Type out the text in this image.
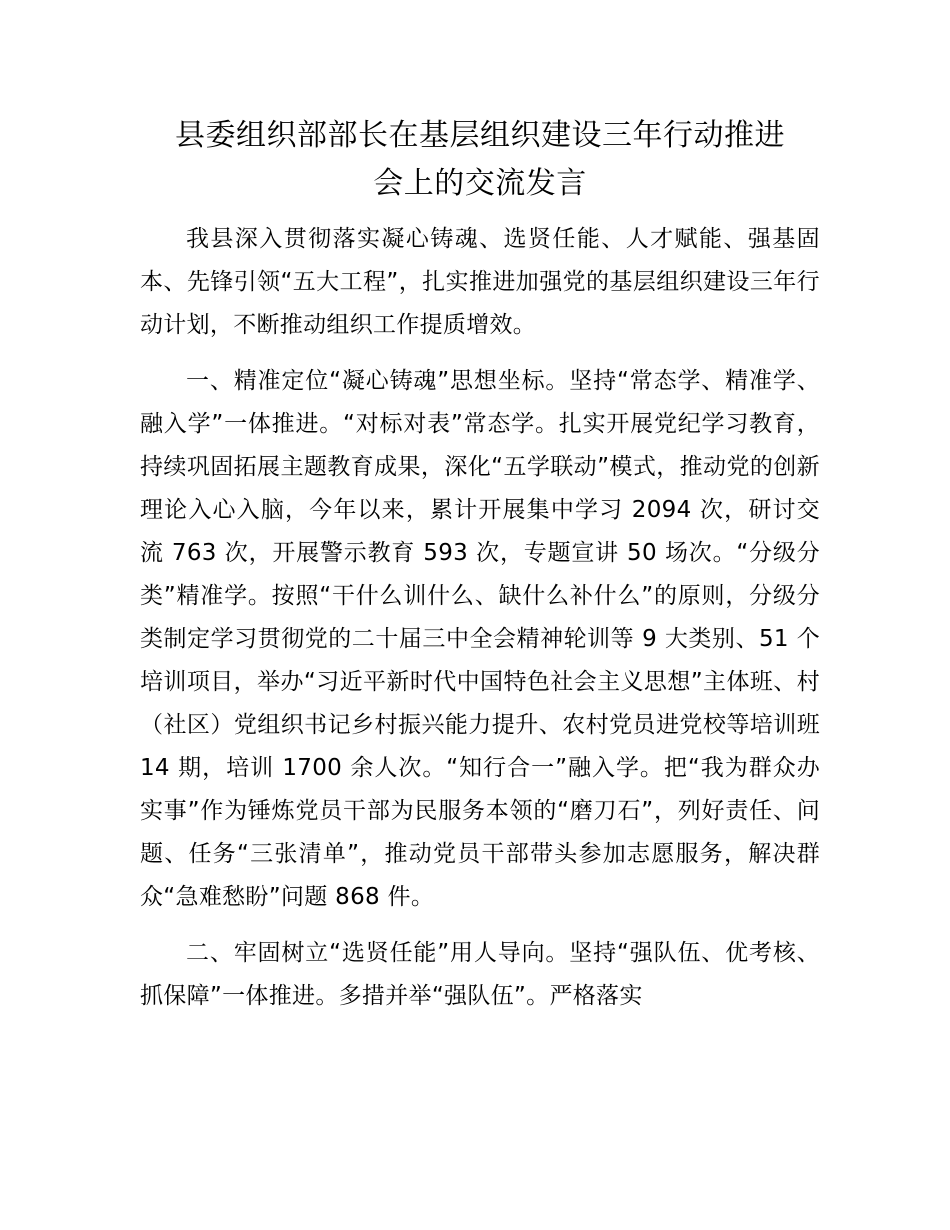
县委组织部部长在基层组织建设三年行动推进
会上的交流发言

我县深入贯彻落实凝心铸魂、选贤任能、人才赋能、强基固本、先锋引领“五大工程”，扎实推进加强党的基层组织建设三年行动计划，不断推动组织工作提质增效。

一、精准定位“凝心铸魂”思想坐标。坚持“常态学、精准学、融入学”一体推进。“对标对表”常态学。扎实开展党纪学习教育，持续巩固拓展主题教育成果，深化“五学联动”模式，推动党的创新理论入心入脑，今年以来，累计开展集中学习 2094 次，研讨交流 763 次，开展警示教育 593 次，专题宣讲 50 场次。“分级分类”精准学。按照“干什么训什么、缺什么补什么”的原则，分级分类制定学习贯彻党的二十届三中全会精神轮训等 9 大类别、51 个培训项目，举办“习近平新时代中国特色社会主义思想”主体班、村（社区）党组织书记乡村振兴能力提升、农村党员进党校等培训班 14 期，培训 1700 余人次。“知行合一”融入学。把“我为群众办实事”作为锤炼党员干部为民服务本领的“磨刀石”，列好责任、问题、任务“三张清单”，推动党员干部带头参加志愿服务，解决群众“急难愁盼”问题 868 件。

二、牢固树立“选贤任能”用人导向。坚持“强队伍、优考核、抓保障”一体推进。多措并举“强队伍”。严格落实
